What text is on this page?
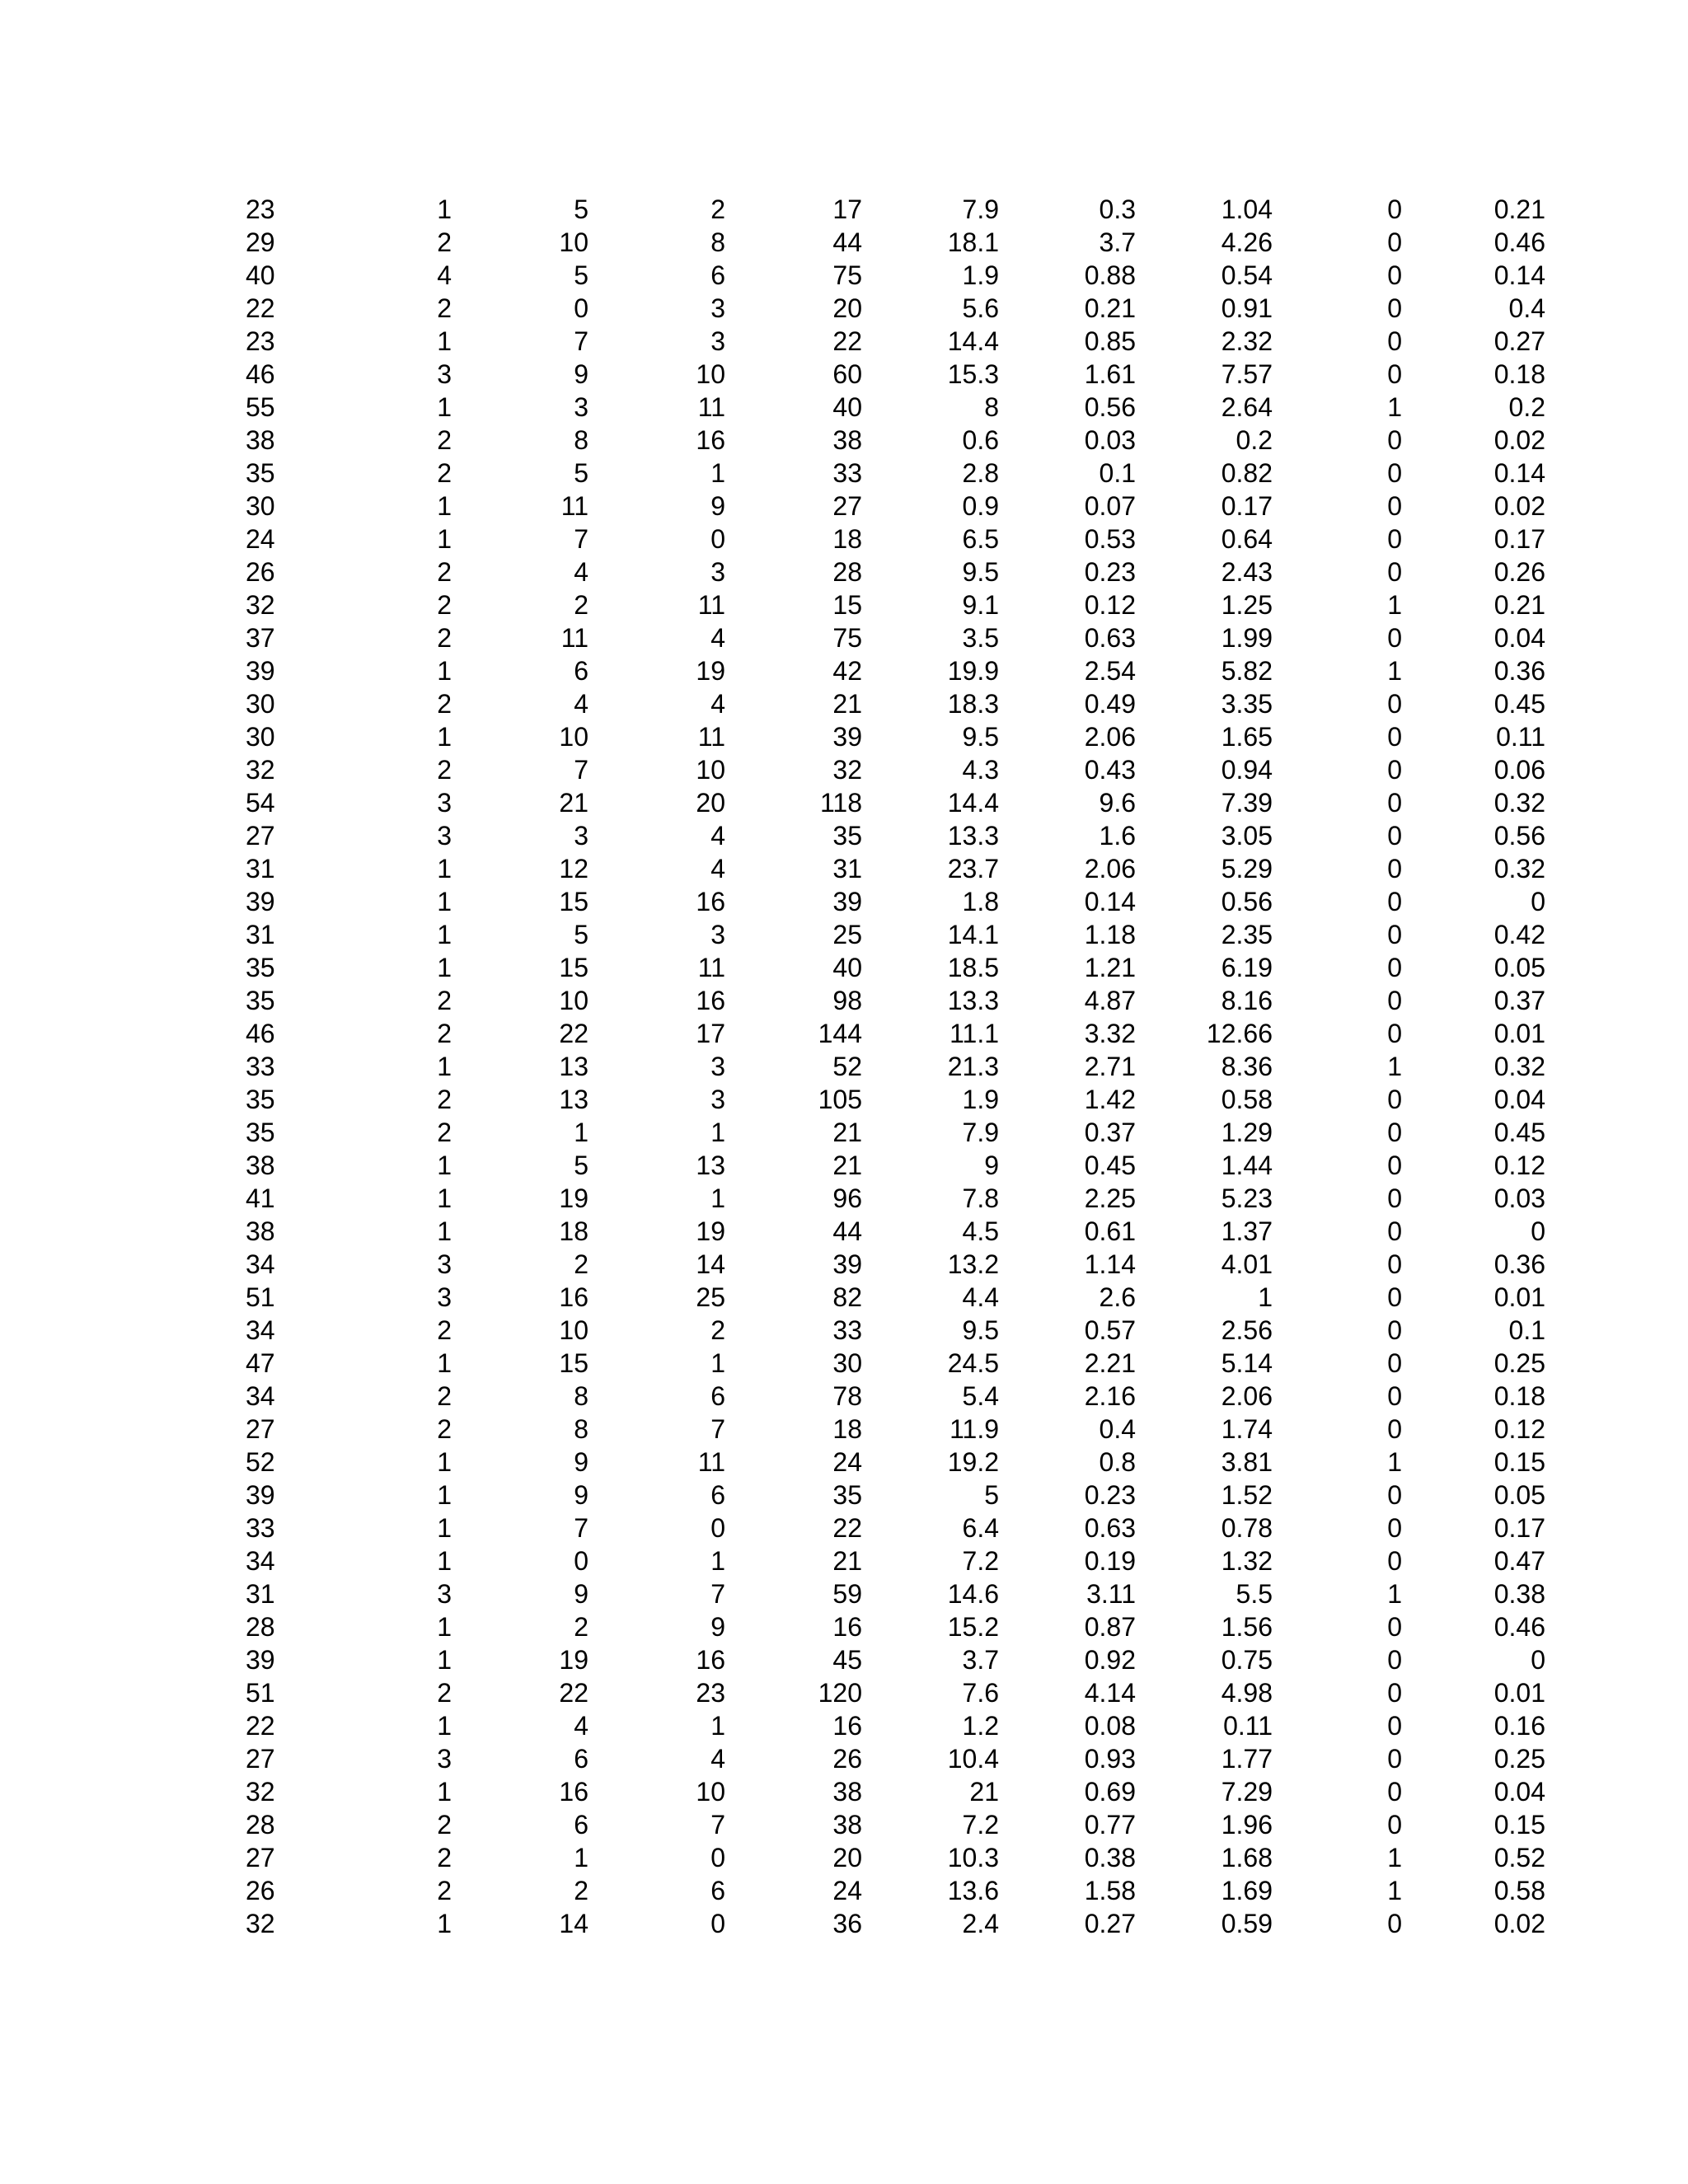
23	1	5	2	17	7.9	0.3	1.04	0	0.21
29	2	10	8	44	18.1	3.7	4.26	0	0.46
40	4	5	6	75	1.9	0.88	0.54	0	0.14
22	2	0	3	20	5.6	0.21	0.91	0	0.4
23	1	7	3	22	14.4	0.85	2.32	0	0.27
46	3	9	10	60	15.3	1.61	7.57	0	0.18
55	1	3	11	40	8	0.56	2.64	1	0.2
38	2	8	16	38	0.6	0.03	0.2	0	0.02
35	2	5	1	33	2.8	0.1	0.82	0	0.14
30	1	11	9	27	0.9	0.07	0.17	0	0.02
24	1	7	0	18	6.5	0.53	0.64	0	0.17
26	2	4	3	28	9.5	0.23	2.43	0	0.26
32	2	2	11	15	9.1	0.12	1.25	1	0.21
37	2	11	4	75	3.5	0.63	1.99	0	0.04
39	1	6	19	42	19.9	2.54	5.82	1	0.36
30	2	4	4	21	18.3	0.49	3.35	0	0.45
30	1	10	11	39	9.5	2.06	1.65	0	0.11
32	2	7	10	32	4.3	0.43	0.94	0	0.06
54	3	21	20	118	14.4	9.6	7.39	0	0.32
27	3	3	4	35	13.3	1.6	3.05	0	0.56
31	1	12	4	31	23.7	2.06	5.29	0	0.32
39	1	15	16	39	1.8	0.14	0.56	0	0
31	1	5	3	25	14.1	1.18	2.35	0	0.42
35	1	15	11	40	18.5	1.21	6.19	0	0.05
35	2	10	16	98	13.3	4.87	8.16	0	0.37
46	2	22	17	144	11.1	3.32	12.66	0	0.01
33	1	13	3	52	21.3	2.71	8.36	1	0.32
35	2	13	3	105	1.9	1.42	0.58	0	0.04
35	2	1	1	21	7.9	0.37	1.29	0	0.45
38	1	5	13	21	9	0.45	1.44	0	0.12
41	1	19	1	96	7.8	2.25	5.23	0	0.03
38	1	18	19	44	4.5	0.61	1.37	0	0
34	3	2	14	39	13.2	1.14	4.01	0	0.36
51	3	16	25	82	4.4	2.6	1	0	0.01
34	2	10	2	33	9.5	0.57	2.56	0	0.1
47	1	15	1	30	24.5	2.21	5.14	0	0.25
34	2	8	6	78	5.4	2.16	2.06	0	0.18
27	2	8	7	18	11.9	0.4	1.74	0	0.12
52	1	9	11	24	19.2	0.8	3.81	1	0.15
39	1	9	6	35	5	0.23	1.52	0	0.05
33	1	7	0	22	6.4	0.63	0.78	0	0.17
34	1	0	1	21	7.2	0.19	1.32	0	0.47
31	3	9	7	59	14.6	3.11	5.5	1	0.38
28	1	2	9	16	15.2	0.87	1.56	0	0.46
39	1	19	16	45	3.7	0.92	0.75	0	0
51	2	22	23	120	7.6	4.14	4.98	0	0.01
22	1	4	1	16	1.2	0.08	0.11	0	0.16
27	3	6	4	26	10.4	0.93	1.77	0	0.25
32	1	16	10	38	21	0.69	7.29	0	0.04
28	2	6	7	38	7.2	0.77	1.96	0	0.15
27	2	1	0	20	10.3	0.38	1.68	1	0.52
26	2	2	6	24	13.6	1.58	1.69	1	0.58
32	1	14	0	36	2.4	0.27	0.59	0	0.02
